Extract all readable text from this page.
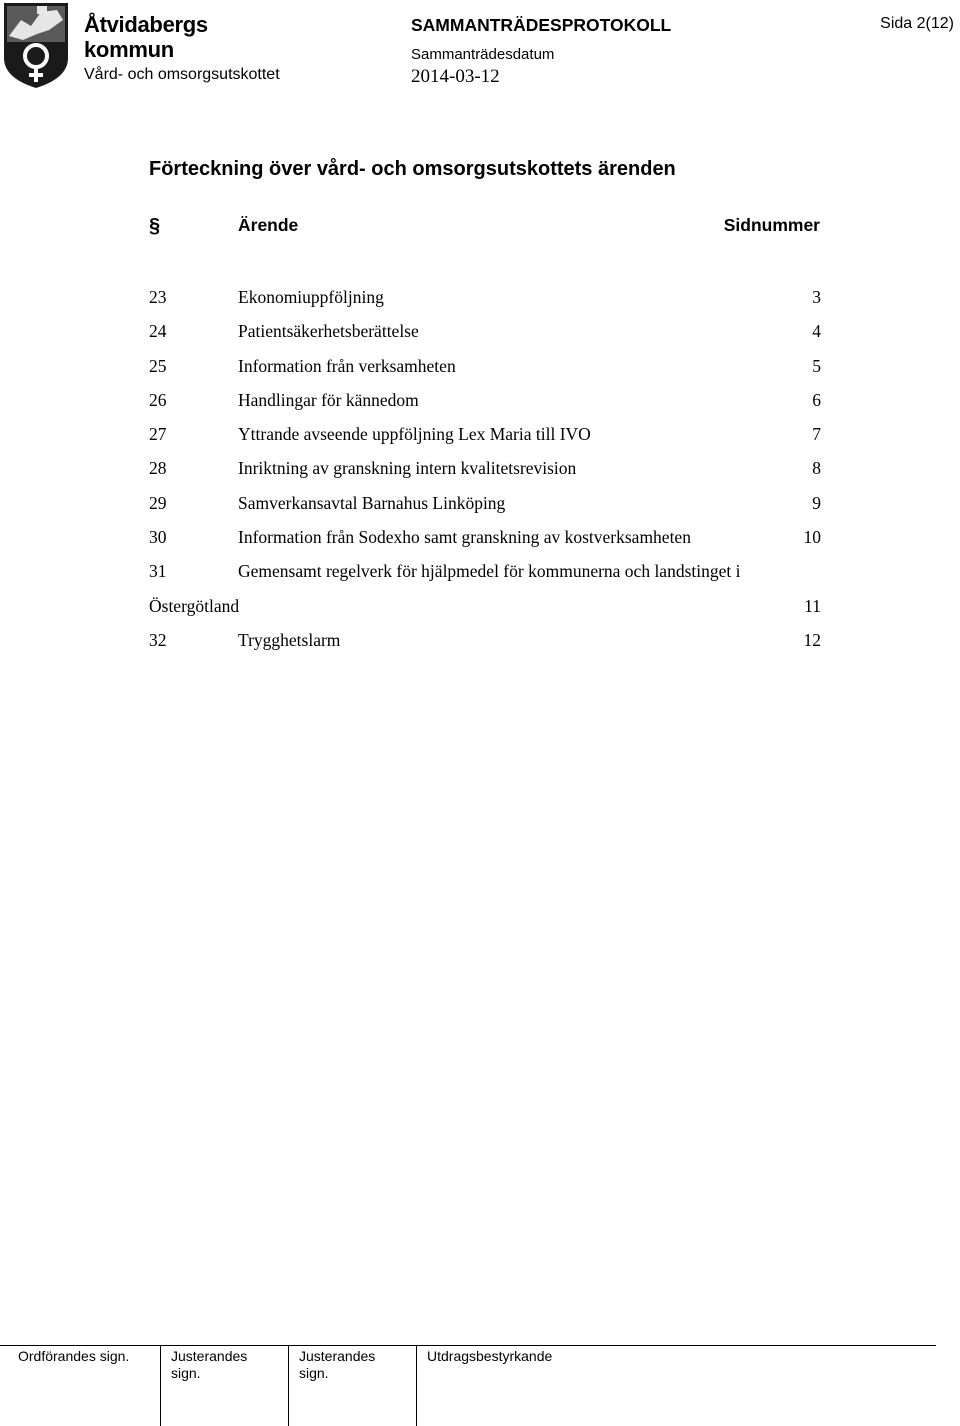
Åtvidabergs
kommun
Vård- och omsorgsutskottet
SAMMANTRÄDESPROTOKOLL
Sammanträdesdatum
2014-03-12
Sida 2(12)
Förteckning över vård- och omsorgsutskottets ärenden
§	Ärende	Sidnummer
23	Ekonomiuppföljning	3
24	Patientsäkerhetsberättelse	4
25	Information från verksamheten	5
26	Handlingar för kännedom	6
27	Yttrande avseende uppföljning Lex Maria till IVO	7
28	Inriktning av granskning intern kvalitetsrevision	8
29	Samverkansavtal Barnahus Linköping	9
30	Information från Sodexho samt granskning av kostverksamheten	10
31	Gemensamt regelverk för hjälpmedel för kommunerna och landstinget i
Östergötland	11
32	Trygghetslarm	12
Ordförandes sign.	Justerandes
sign.
Justerandes
sign.
Utdragsbestyrkande
